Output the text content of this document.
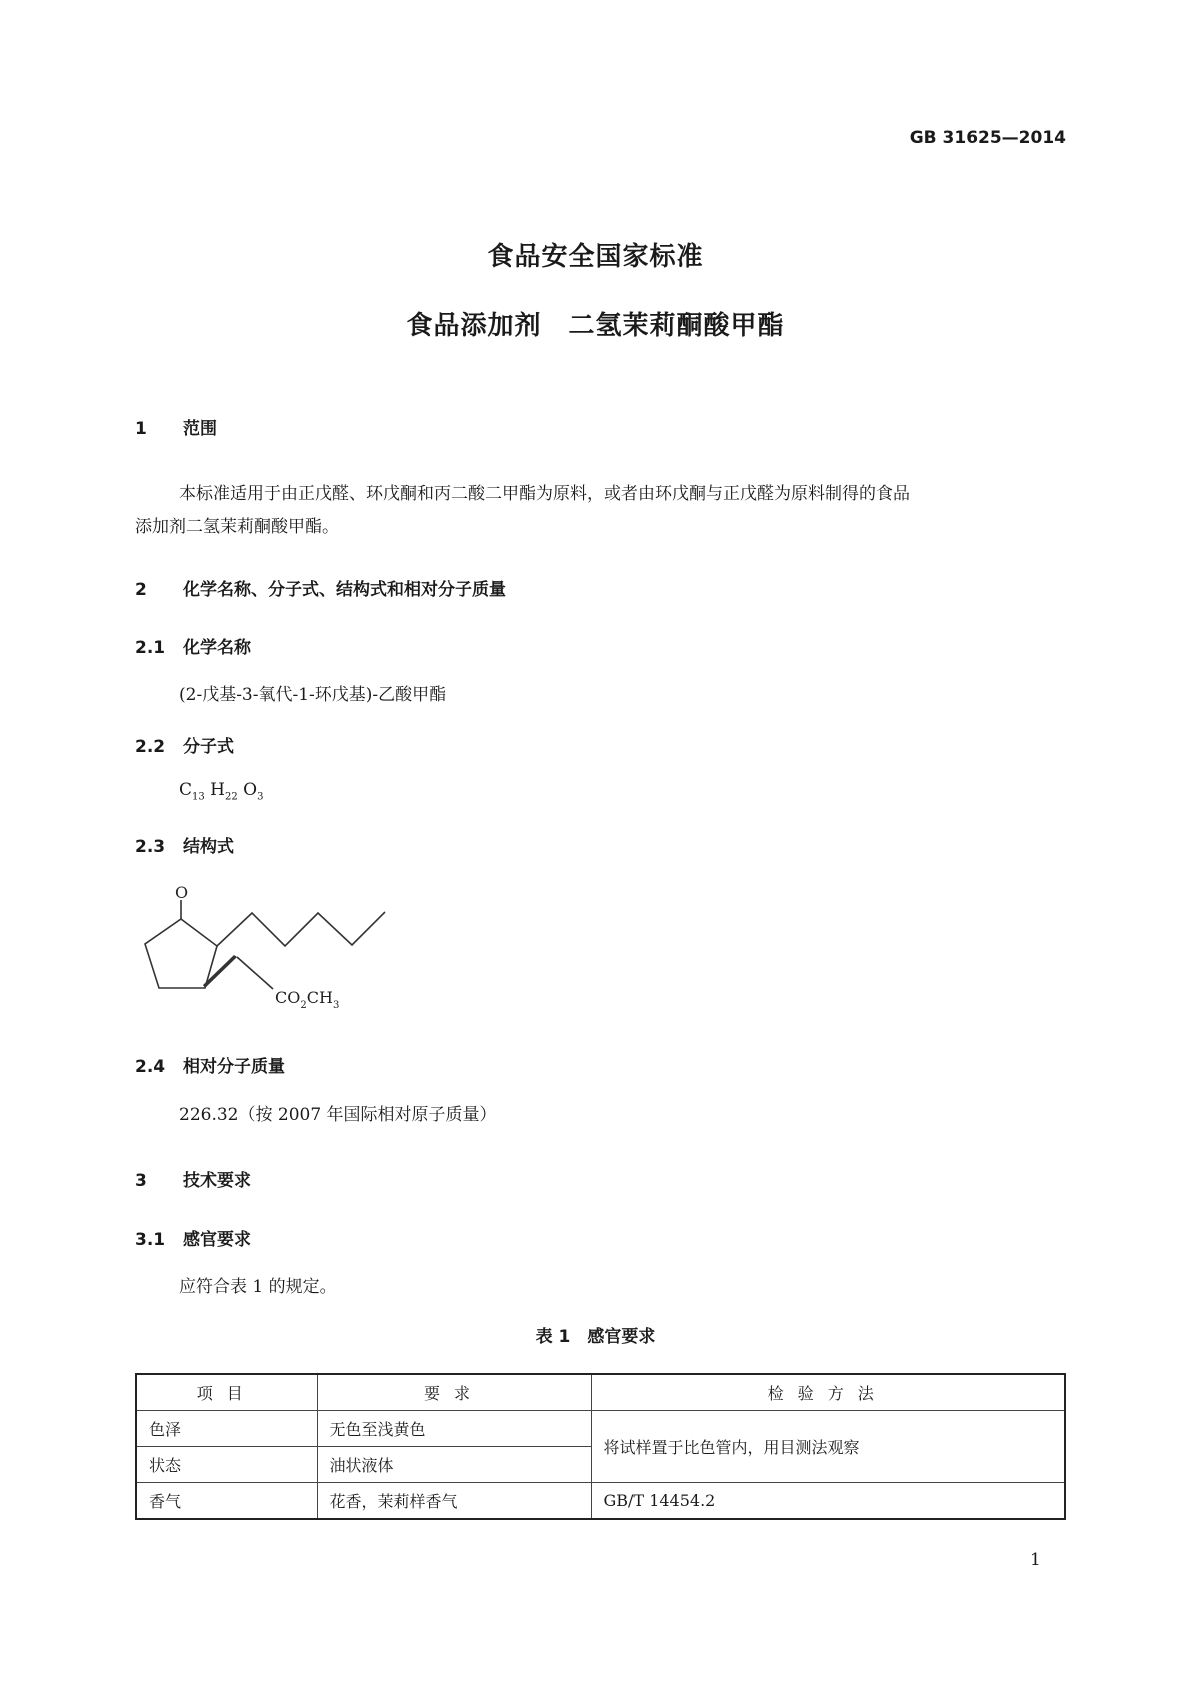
GB 31625—2014
食品安全国家标准
食品添加剂　二氢茉莉酮酸甲酯
1 范围
本标准适用于由正戊醛、环戊酮和丙二酸二甲酯为原料，或者由环戊酮与正戊醛为原料制得的食品
添加剂二氢茉莉酮酸甲酯。
2 化学名称、分子式、结构式和相对分子质量
2.1 化学名称
(2-戊基-3-氧代-1-环戊基)-乙酸甲酯
2.2 分子式
$C_{13}$ $H_{22}$ $O_3$
2.3 结构式
O
$CO_2CH_3$
2.4 相对分子质量
226.32（按 2007 年国际相对原子质量）
3 技术要求
3.1 感官要求
应符合表 1 的规定。
表 1　感官要求
项目	要求	检验方法
色泽	无色至浅黄色	将试样置于比色管内，用目测法观察
状态	油状液体	
香气	花香，茉莉样香气	GB/T 14454.2
1
